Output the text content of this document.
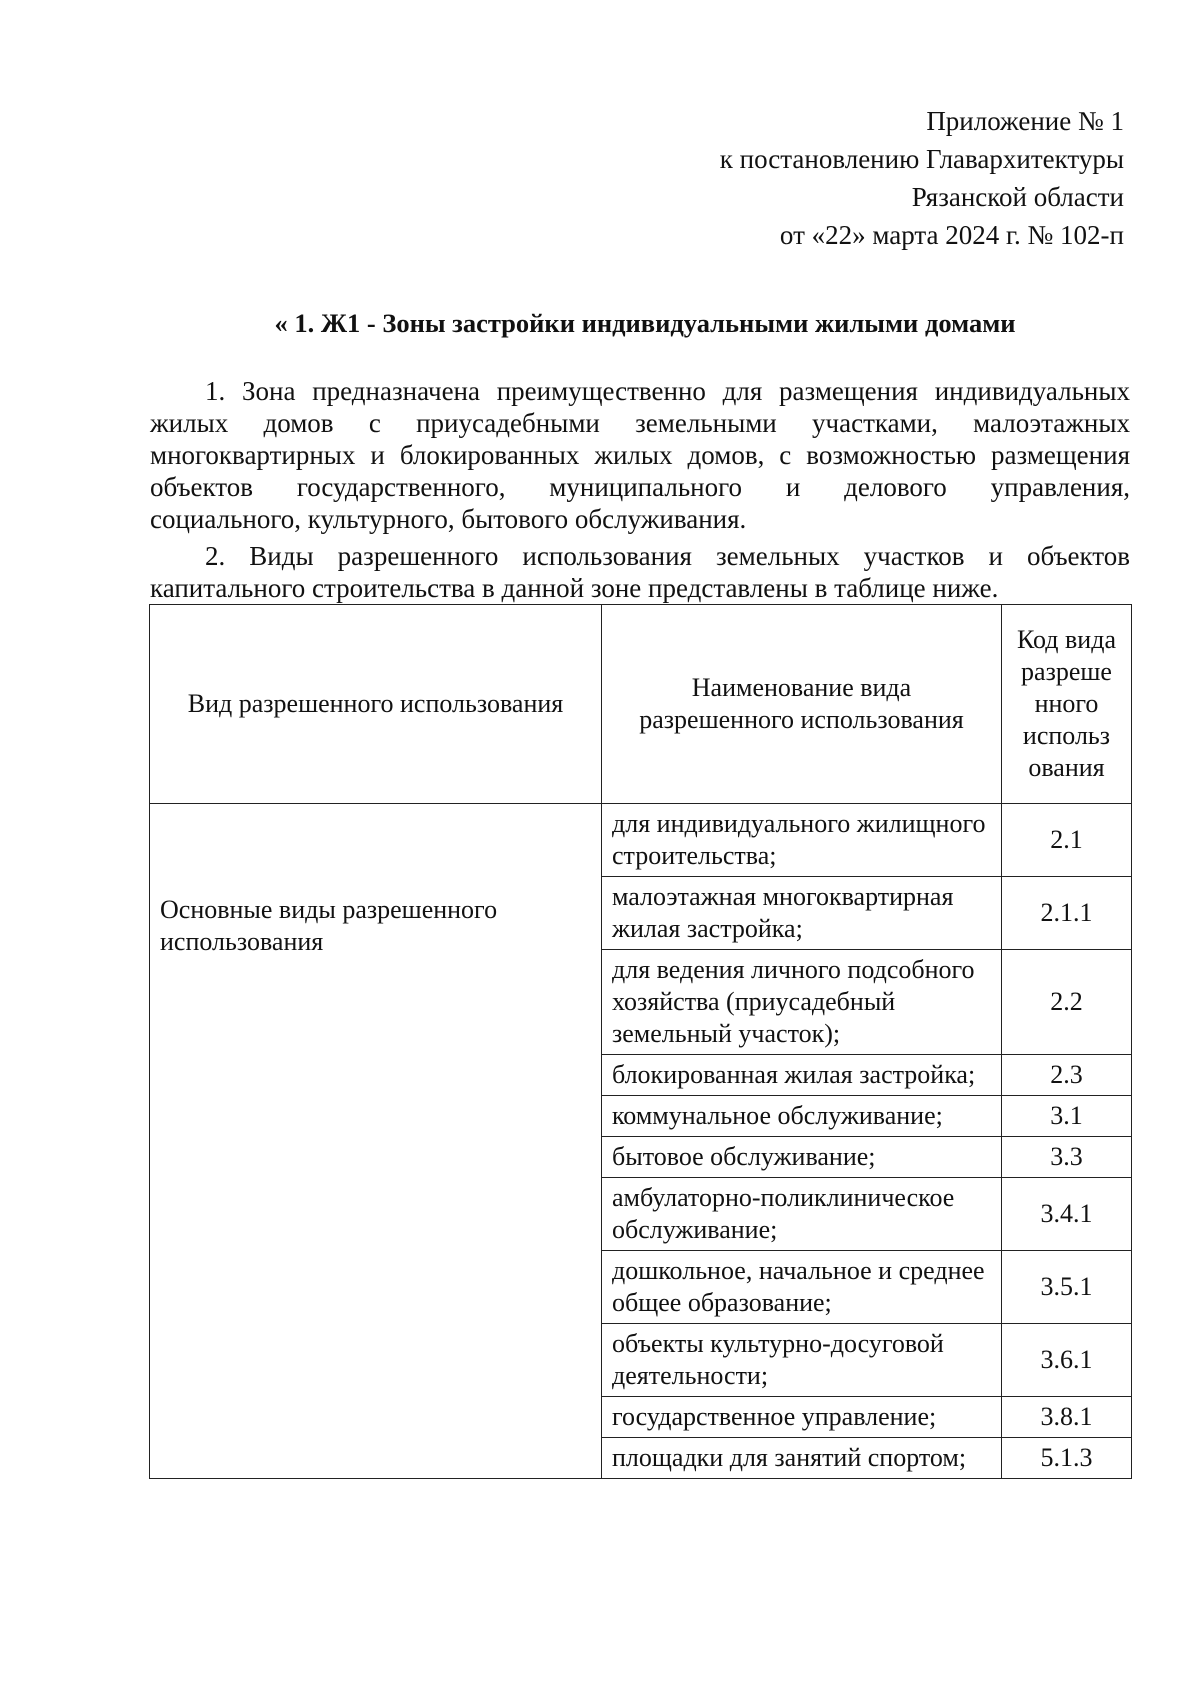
Приложение № 1
к постановлению Главархитектуры
Рязанской области
от «22» марта 2024 г. № 102-п
« 1. Ж1 - Зоны застройки индивидуальными жилыми домами
1. Зона предназначена преимущественно для размещения индивидуальных
жилых домов с приусадебными земельными участками, малоэтажных
многоквартирных и блокированных жилых домов, с возможностью размещения
объектов государственного, муниципального и делового управления,
социального, культурного, бытового обслуживания.
2. Виды разрешенного использования земельных участков и объектов
капитального строительства в данной зоне представлены в таблице ниже.
Вид разрешенного использования	Наименование вида разрешенного использования	Код вида разреше нного использ ования
Основные виды разрешенного использования	для индивидуального жилищного строительства;	2.1
	малоэтажная многоквартирная жилая застройка;	2.1.1
	для ведения личного подсобного хозяйства (приусадебный земельный участок);	2.2
	блокированная жилая застройка;	2.3
	коммунальное обслуживание;	3.1
	бытовое обслуживание;	3.3
	амбулаторно-поликлиническое обслуживание;	3.4.1
	дошкольное, начальное и среднее общее образование;	3.5.1
	объекты культурно-досуговой деятельности;	3.6.1
	государственное управление;	3.8.1
	площадки для занятий спортом;	5.1.3
